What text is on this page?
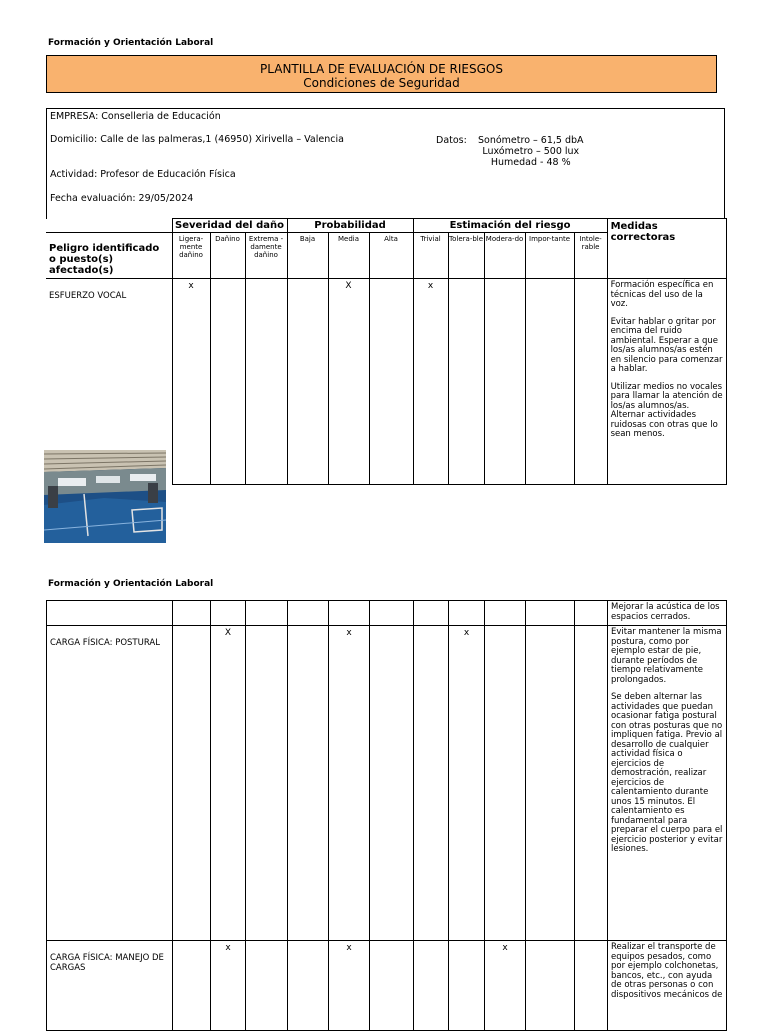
Formación y Orientación Laboral
PLANTILLA DE EVALUACIÓN DE RIESGOS
Condiciones de Seguridad
EMPRESA: Conselleria de Educación
Domicilio: Calle de las palmeras,1 (46950) Xirivella – Valencia	Datos: Sonómetro – 61,5 dbA
Luxómetro – 500 lux
Humedad - 48 %
Actividad: Profesor de Educación Física
Fecha evaluación: 29/05/2024
	Severidad del daño			Probabilidad			Estimación del riesgo					Medidas correctoras
Peligro identificado o puesto(s) afectado(s)	Ligera-mente dañino	Dañino	Extrema - damente dañino	Baja	Media	Alta	Trivial	Tolera-ble	Modera-do	Impor-tante	Intole-rable	
ESFUERZO VOCAL	x				X		x					Formación específica en técnicas del uso de la voz.

Evitar hablar o gritar por encima del ruido ambiental. Esperar a que los/as alumnos/as estén en silencio para comenzar a hablar.

Utilizar medios no vocales para llamar la atención de los/as alumnos/as. Alternar actividades ruidosas con otras que lo sean menos.

Formación y Orientación Laboral
												Mejorar la acústica de los espacios cerrados.
CARGA FÍSICA: POSTURAL		X			x			x				Evitar mantener la misma postura, como por ejemplo estar de pie, durante períodos de tiempo relativamente prolongados.

Se deben alternar las actividades que puedan ocasionar fatiga postural con otras posturas que no impliquen fatiga. Previo al desarrollo de cualquier actividad física o ejercicios de demostración, realizar ejercicios de calentamiento durante unos 15 minutos. El calentamiento es fundamental para preparar el cuerpo para el ejercicio posterior y evitar lesiones.

CARGA FÍSICA: MANEJO DE CARGAS		x			x				x			Realizar el transporte de equipos pesados, como por ejemplo colchonetas, bancos, etc., con ayuda de otras personas o con dispositivos mecánicos de
